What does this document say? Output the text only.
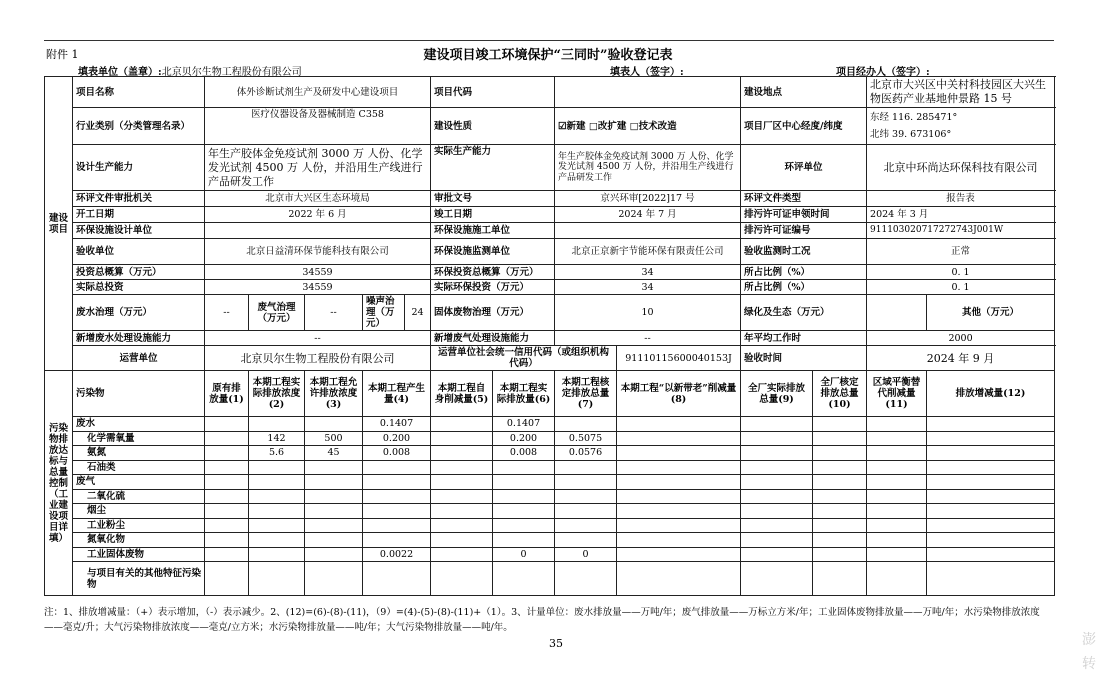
附件 1	建设项目竣工环境保护“三同时”验收登记表
填表单位（盖章）:北京贝尔生物工程股份有限公司	填表人（签字）:	项目经办人（签字）:
建设项目	项目名称	体外诊断试剂生产及研发中心建设项目					项目代码				建设地点		北京市大兴区中关村科技园区大兴生物医药产业基地仲景路 15 号		
	行业类别（分类管理名录）	医疗仪器设备及器械制造 C358					建设性质		☑新建 □改扩建 □技术改造		项目厂区中心经度/纬度		东经 116. 285471°
北纬 39. 673106°		

	设计生产能力	年生产胶体金免疫试剂 3000 万 人份、化学发光试剂 4500 万 人份，并沿用生产线进行产品研发工作					实际生产能力		年生产胶体金免疫试剂 3000 万 人份、化学发光试剂 4500 万 人份，并沿用生产线进行产品研发工作		环评单位		北京中环尚达环保科技有限公司		
	环评文件审批机关	北京市大兴区生态环境局					审批文号		京兴环审[2022]17 号		环评文件类型		报告表		
	开工日期	2022 年 6 月					竣工日期		2024 年 7 月		排污许可证申领时间		2024 年 3 月		
	环保设施设计单位						环保设施施工单位				排污许可证编号		911103020717272743J001W		
	验收单位	北京日益清环保节能科技有限公司					环保设施监测单位		北京正京新宇节能环保有限责任公司		验收监测时工况		正常		
	投资总概算（万元）	34559					环保投资总概算（万元）		34		所占比例（%）		0. 1		
	实际总投资	34559					实际环保投资（万元）		34		所占比例（%）		0. 1		
	废水治理（万元）	--	废气治理（万元）	--	噪声治理（万元）	24	固体废物治理（万元）		10		绿化及生态（万元）			其他（万元）	
	新增废水处理设施能力	--					新增废气处理设施能力		--		年平均工作时		2000		
	运营单位	北京贝尔生物工程股份有限公司					运营单位社会统一信用代码（或组织机构代码）			91110115600040153J	验收时间		2024 年 9 月		
污染物排放达标与总量控制（工业建设项目详填）	污染物	原有排放量(1)	本期工程实际排放浓度(2)	本期工程允许排放浓度(3)	本期工程产生量(4)		本期工程自身削减量(5)	本期工程实际排放量(6)	本期工程核定排放总量(7)	本期工程“以新带老”削减量(8)	全厂实际排放总量(9)	全厂核定排放总量(10)	区域平衡替代削减量(11)	排放增减量(12)	
	废水				0.1407			0.1407							
	化学需氧量		142	500	0.200			0.200	0.5075						
	氨氮		5.6	45	0.008			0.008	0.0576						
	石油类														
	废气														
	二氧化硫														
	烟尘														
	工业粉尘														
	氮氧化物														
	工业固体废物				0.0022			0	0						
	与项目有关的其他特征污染物														
注：1、排放增减量：（+）表示增加，（-）表示减少。2、(12)=(6)-(8)-(11)，（9）=(4)-(5)-(8)-(11)+（1）。3、计量单位：废水排放量——万吨/年；废气排放量——万标立方米/年；工业固体废物排放量——万吨/年；水污染物排放浓度——毫克/升；大气污染物排放浓度——毫克/立方米；水污染物排放量——吨/年；大气污染物排放量——吨/年。
35	澎
转
